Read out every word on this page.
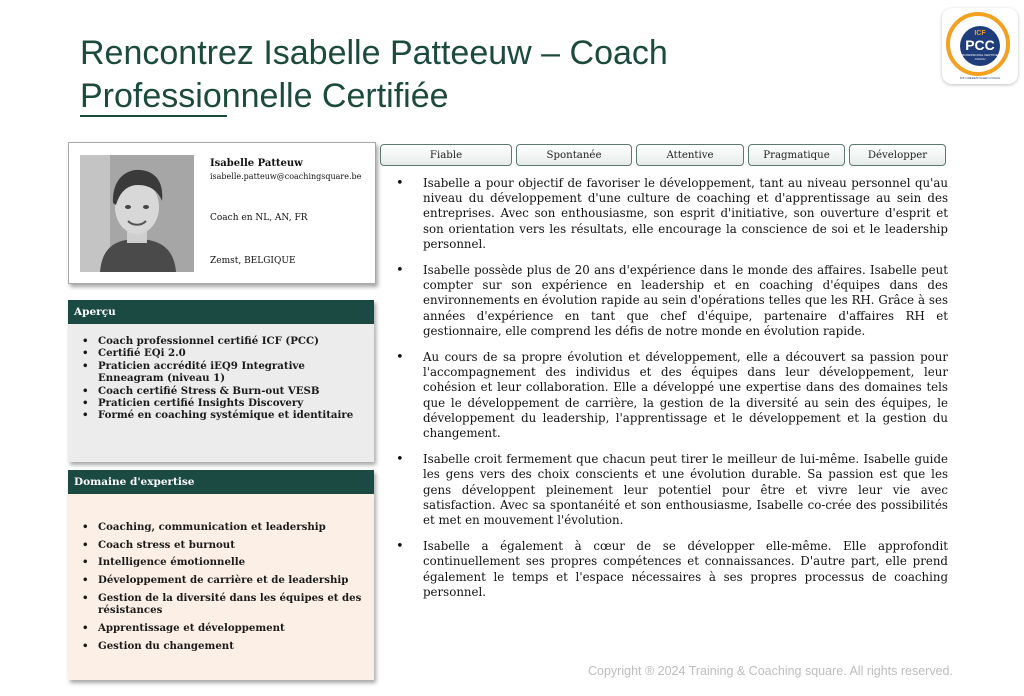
Rencontrez Isabelle Patteeuw – Coach Professionnelle Certifiée
ICF
PCC
PROFESSIONAL CERTIFIED COACH
ICF CREDENTIALED COACH
Isabelle Patteuw
isabelle.patteuw@coachingsquare.be
Coach en NL, AN, FR
Zemst, BELGIQUE
Aperçu
• Coach professionnel certifié ICF (PCC)
• Certifié EQi 2.0
• Praticien accrédité iEQ9 Integrative Enneagram (niveau 1)
• Coach certifié Stress & Burn-out VESB
• Praticien certifié Insights Discovery
• Formé en coaching systémique et identitaire
Domaine d'expertise
• Coaching, communication et leadership
• Coach stress et burnout
• Intelligence émotionnelle
• Développement de carrière et de leadership
• Gestion de la diversité dans les équipes et des résistances
• Apprentissage et développement
• Gestion du changement
Fiable	Spontanée	Attentive	Pragmatique	Développer
• Isabelle a pour objectif de favoriser le développement, tant au niveau personnel qu'au niveau du développement d'une culture de coaching et d'apprentissage au sein des entreprises. Avec son enthousiasme, son esprit d'initiative, son ouverture d'esprit et son orientation vers les résultats, elle encourage la conscience de soi et le leadership personnel.
• Isabelle possède plus de 20 ans d'expérience dans le monde des affaires. Isabelle peut compter sur son expérience en leadership et en coaching d'équipes dans des environnements en évolution rapide au sein d'opérations telles que les RH. Grâce à ses années d'expérience en tant que chef d'équipe, partenaire d'affaires RH et gestionnaire, elle comprend les défis de notre monde en évolution rapide.
• Au cours de sa propre évolution et développement, elle a découvert sa passion pour l'accompagnement des individus et des équipes dans leur développement, leur cohésion et leur collaboration. Elle a développé une expertise dans des domaines tels que le développement de carrière, la gestion de la diversité au sein des équipes, le développement du leadership, l'apprentissage et le développement et la gestion du changement.
• Isabelle croit fermement que chacun peut tirer le meilleur de lui-même. Isabelle guide les gens vers des choix conscients et une évolution durable. Sa passion est que les gens développent pleinement leur potentiel pour être et vivre leur vie avec satisfaction. Avec sa spontanéité et son enthousiasme, Isabelle co-crée des possibilités et met en mouvement l'évolution.
• Isabelle a également à cœur de se développer elle-même. Elle approfondit continuellement ses propres compétences et connaissances. D'autre part, elle prend également le temps et l'espace nécessaires à ses propres processus de coaching personnel.
Copyright ® 2024 Training & Coaching square. All rights reserved.
